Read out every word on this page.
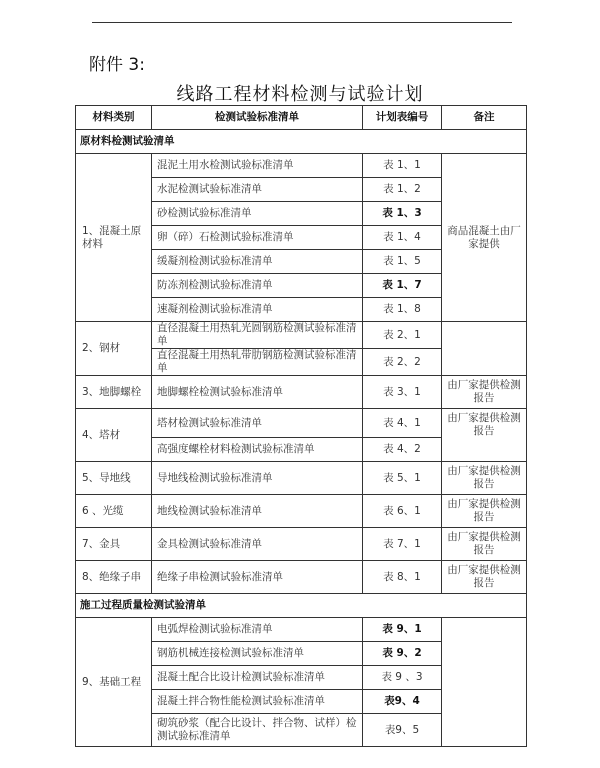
附件 3:
线路工程材料检测与试验计划
材料类别	检测试验标准清单	计划表编号	备注
原材料检测试验清单			
1、混凝土原材料	混泥土用水检测试验标准清单	表 1、1	商品混凝土由厂家提供
	水泥检测试验标准清单	表 1、2	
	砂检测试验标准清单	表 1、3	
	卵（碎）石检测试验标准清单	表 1、4	
	缓凝剂检测试验标准清单	表 1、5	
	防冻剂检测试验标准清单	表 1、7	
	速凝剂检测试验标准清单	表 1、8	
2、钢材	直径混凝土用热轧光圆钢筋检测试验标准清单	表 2、1	
	直径混凝土用热轧带肋钢筋检测试验标准清单	表 2、2	
3、地脚螺栓	地脚螺栓检测试验标准清单	表 3、1	由厂家提供检测报告
4、塔材	塔材检测试验标准清单	表 4、1	由厂家提供检测报告
	高强度螺栓材料检测试验标准清单	表 4、2	
5、导地线	导地线检测试验标准清单	表 5、1	由厂家提供检测报告
6 、光缆	地线检测试验标准清单	表 6、1	由厂家提供检测报告
7、金具	金具检测试验标准清单	表 7、1	由厂家提供检测报告
8、绝缘子串	绝缘子串检测试验标准清单	表 8、1	由厂家提供检测报告
施工过程质量检测试验清单			
9、基础工程	电弧焊检测试验标准清单	表 9、1	
	钢筋机械连接检测试验标准清单	表 9、2	
	混凝土配合比设计检测试验标准清单	表 9 、3	
	混凝土拌合物性能检测试验标准清单	表9、4	
	砌筑砂浆（配合比设计、拌合物、试样）检测试验标准清单	表9、5	
